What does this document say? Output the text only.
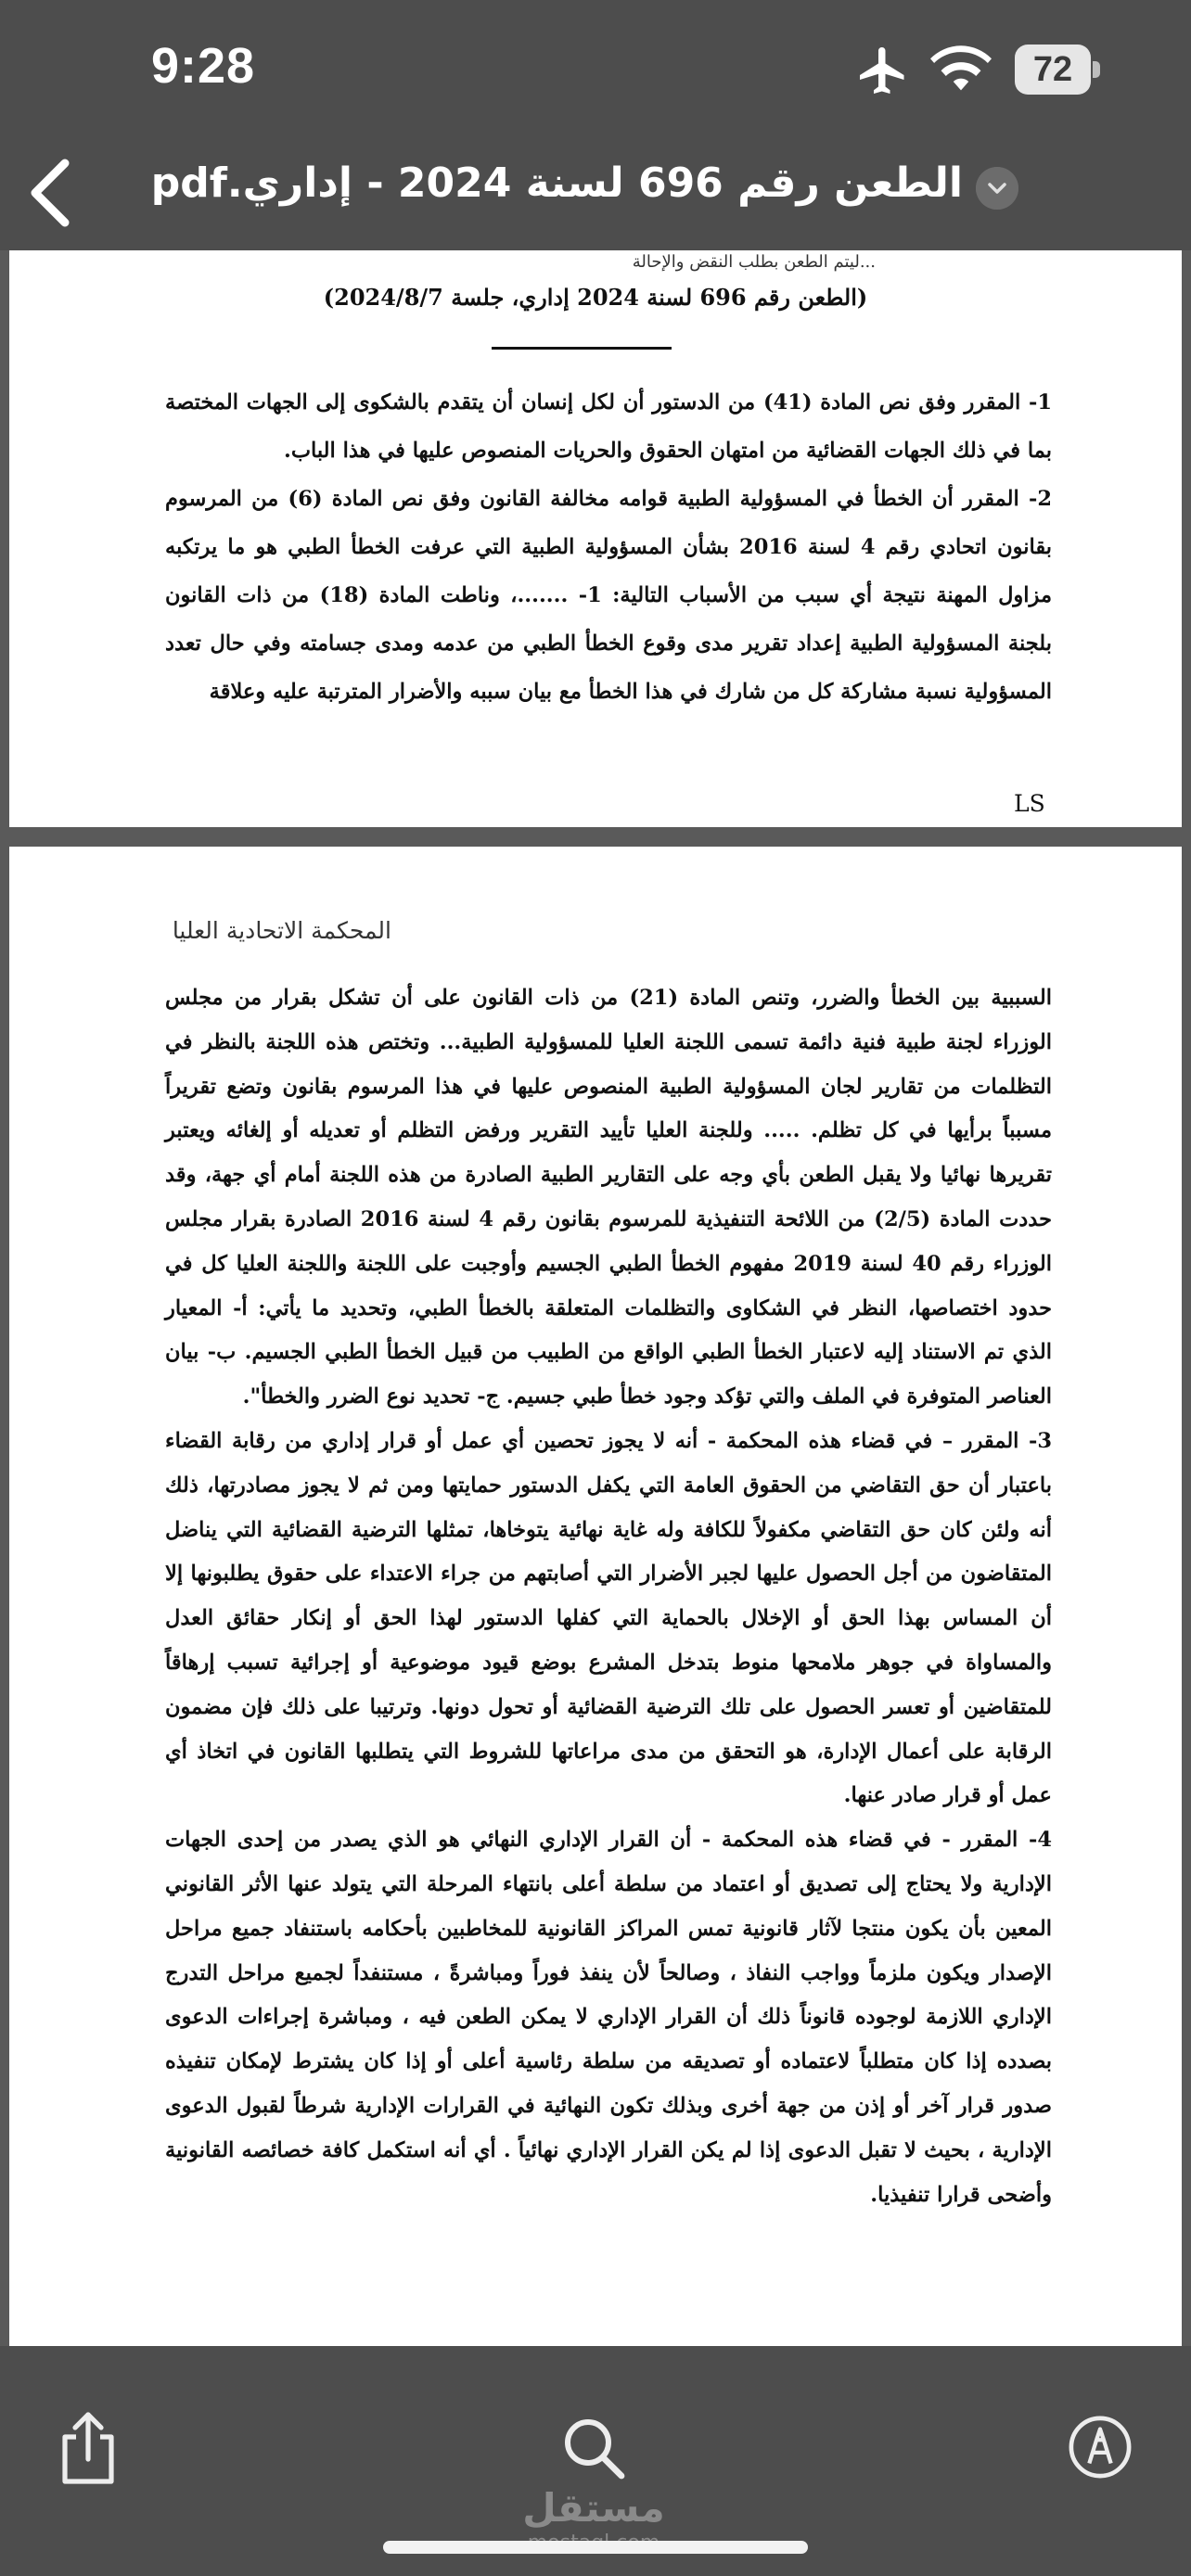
9:28	72
الطعن رقم 696 لسنة 2024 - إداري.pdf
...ليتم الطعن بطلب النقض والإحالة
(الطعن رقم 696 لسنة 2024 إداري، جلسة 2024/8/7)

1- المقرر وفق نص المادة (41) من الدستور أن لكل إنسان أن يتقدم بالشكوى إلى الجهات المختصة بما في ذلك الجهات القضائية من امتهان الحقوق والحريات المنصوص عليها في هذا الباب.

2- المقرر أن الخطأ في المسؤولية الطبية قوامه مخالفة القانون وفق نص المادة (6) من المرسوم بقانون اتحادي رقم 4 لسنة 2016 بشأن المسؤولية الطبية التي عرفت الخطأ الطبي هو ما يرتكبه مزاول المهنة نتيجة أي سبب من الأسباب التالية: 1- .......، وناطت المادة (18) من ذات القانون بلجنة المسؤولية الطبية إعداد تقرير مدى وقوع الخطأ الطبي من عدمه ومدى جسامته وفي حال تعدد المسؤولية نسبة مشاركة كل من شارك في هذا الخطأ مع بيان سببه والأضرار المترتبة عليه وعلاقة

LS
المحكمة الاتحادية العليا

السببية بين الخطأ والضرر، وتنص المادة (21) من ذات القانون على أن تشكل بقرار من مجلس الوزراء لجنة طبية فنية دائمة تسمى اللجنة العليا للمسؤولية الطبية... وتختص هذه اللجنة بالنظر في التظلمات من تقارير لجان المسؤولية الطبية المنصوص عليها في هذا المرسوم بقانون وتضع تقريراً مسبباً برأيها في كل تظلم. ..... وللجنة العليا تأييد التقرير ورفض التظلم أو تعديله أو إلغائه ويعتبر تقريرها نهائيا ولا يقبل الطعن بأي وجه على التقارير الطبية الصادرة من هذه اللجنة أمام أي جهة، وقد حددت المادة (2/5) من اللائحة التنفيذية للمرسوم بقانون رقم 4 لسنة 2016 الصادرة بقرار مجلس الوزراء رقم 40 لسنة 2019 مفهوم الخطأ الطبي الجسيم وأوجبت على اللجنة واللجنة العليا كل في حدود اختصاصها، النظر في الشكاوى والتظلمات المتعلقة بالخطأ الطبي، وتحديد ما يأتي: أ- المعيار الذي تم الاستناد إليه لاعتبار الخطأ الطبي الواقع من الطبيب من قبيل الخطأ الطبي الجسيم. ب- بيان العناصر المتوفرة في الملف والتي تؤكد وجود خطأ طبي جسيم. ج- تحديد نوع الضرر والخطأ".

3- المقرر – في قضاء هذه المحكمة - أنه لا يجوز تحصين أي عمل أو قرار إداري من رقابة القضاء باعتبار أن حق التقاضي من الحقوق العامة التي يكفل الدستور حمايتها ومن ثم لا يجوز مصادرتها، ذلك أنه ولئن كان حق التقاضي مكفولاً للكافة وله غاية نهائية يتوخاها، تمثلها الترضية القضائية التي يناضل المتقاضون من أجل الحصول عليها لجبر الأضرار التي أصابتهم من جراء الاعتداء على حقوق يطلبونها إلا أن المساس بهذا الحق أو الإخلال بالحماية التي كفلها الدستور لهذا الحق أو إنكار حقائق العدل والمساواة في جوهر ملامحها منوط بتدخل المشرع بوضع قيود موضوعية أو إجرائية تسبب إرهاقاً للمتقاضين أو تعسر الحصول على تلك الترضية القضائية أو تحول دونها. وترتيبا على ذلك فإن مضمون الرقابة على أعمال الإدارة، هو التحقق من مدى مراعاتها للشروط التي يتطلبها القانون في اتخاذ أي عمل أو قرار صادر عنها.

4- المقرر - في قضاء هذه المحكمة - أن القرار الإداري النهائي هو الذي يصدر من إحدى الجهات الإدارية ولا يحتاج إلى تصديق أو اعتماد من سلطة أعلى بانتهاء المرحلة التي يتولد عنها الأثر القانوني المعين بأن يكون منتجا لآثار قانونية تمس المراكز القانونية للمخاطبين بأحكامه باستنفاد جميع مراحل الإصدار ويكون ملزماً وواجب النفاذ ، وصالحاً لأن ينفذ فوراً ومباشرةً ، مستنفداً لجميع مراحل التدرج الإداري اللازمة لوجوده قانوناً ذلك أن القرار الإداري لا يمكن الطعن فيه ، ومباشرة إجراءات الدعوى بصدده إذا كان متطلباً لاعتماده أو تصديقه من سلطة رئاسية أعلى أو إذا كان يشترط لإمكان تنفيذه صدور قرار آخر أو إذن من جهة أخرى وبذلك تكون النهائية في القرارات الإدارية شرطاً لقبول الدعوى الإدارية ، بحيث لا تقبل الدعوى إذا لم يكن القرار الإداري نهائياً . أي أنه استكمل كافة خصائصه القانونية وأضحى قرارا تنفيذيا.

مستقل
